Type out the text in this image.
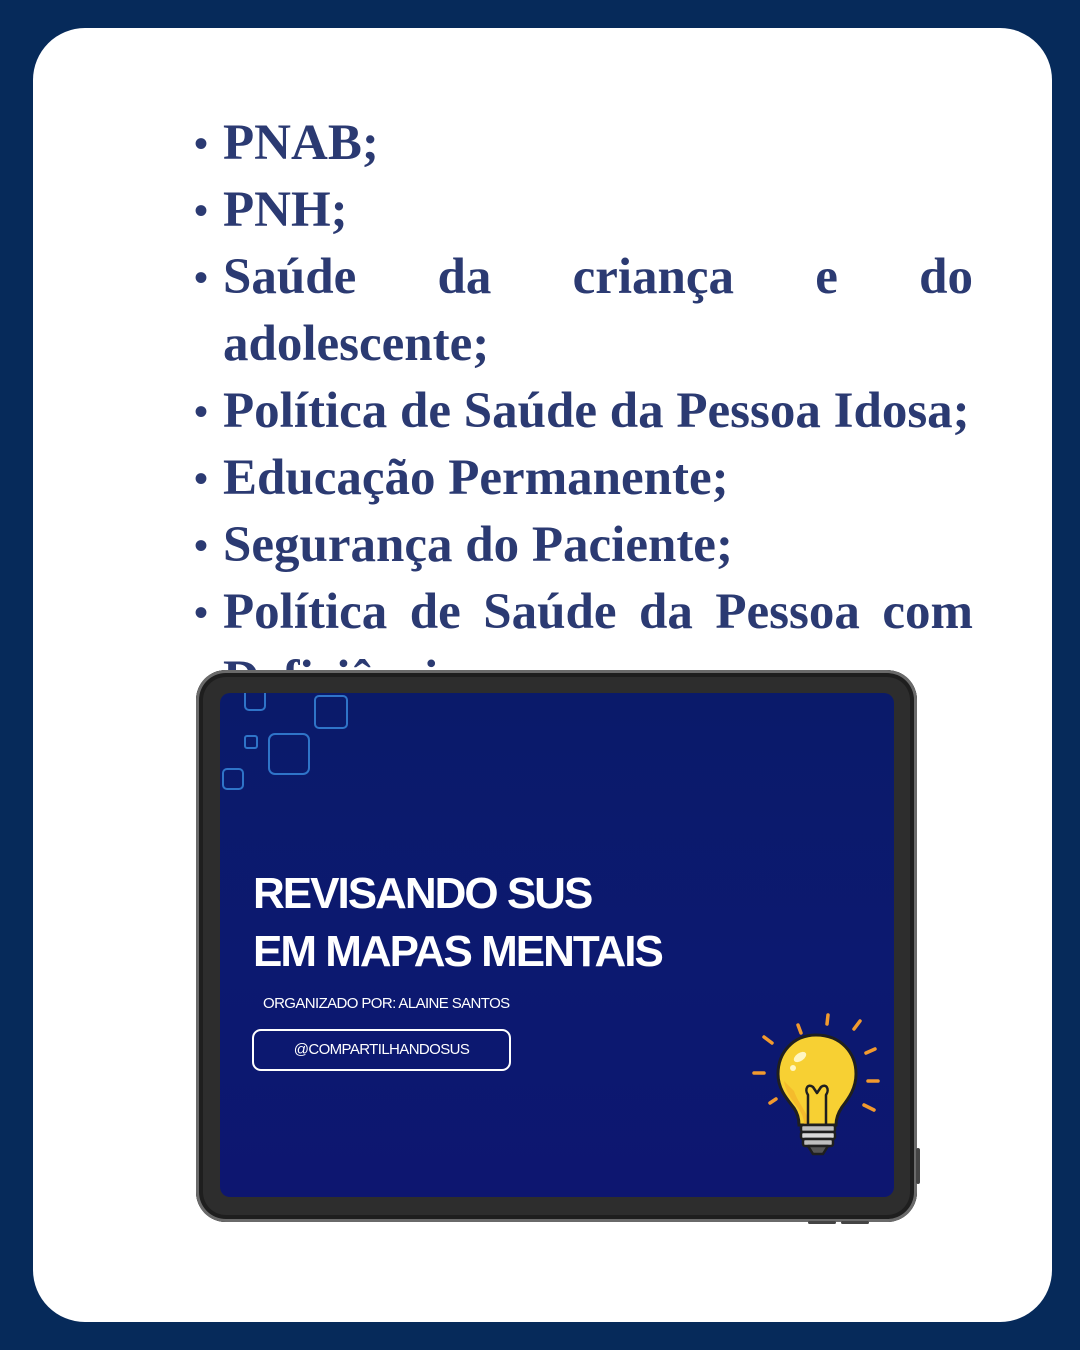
• PNAB;
• PNH;
• Saúde da criança e do adolescente;
• Política de Saúde da Pessoa Idosa;
• Educação Permanente;
• Segurança do Paciente;
• Política de Saúde da Pessoa com
REVISANDO SUS
EM MAPAS MENTAIS
ORGANIZADO POR: ALAINE SANTOS
@COMPARTILHANDOSUS
